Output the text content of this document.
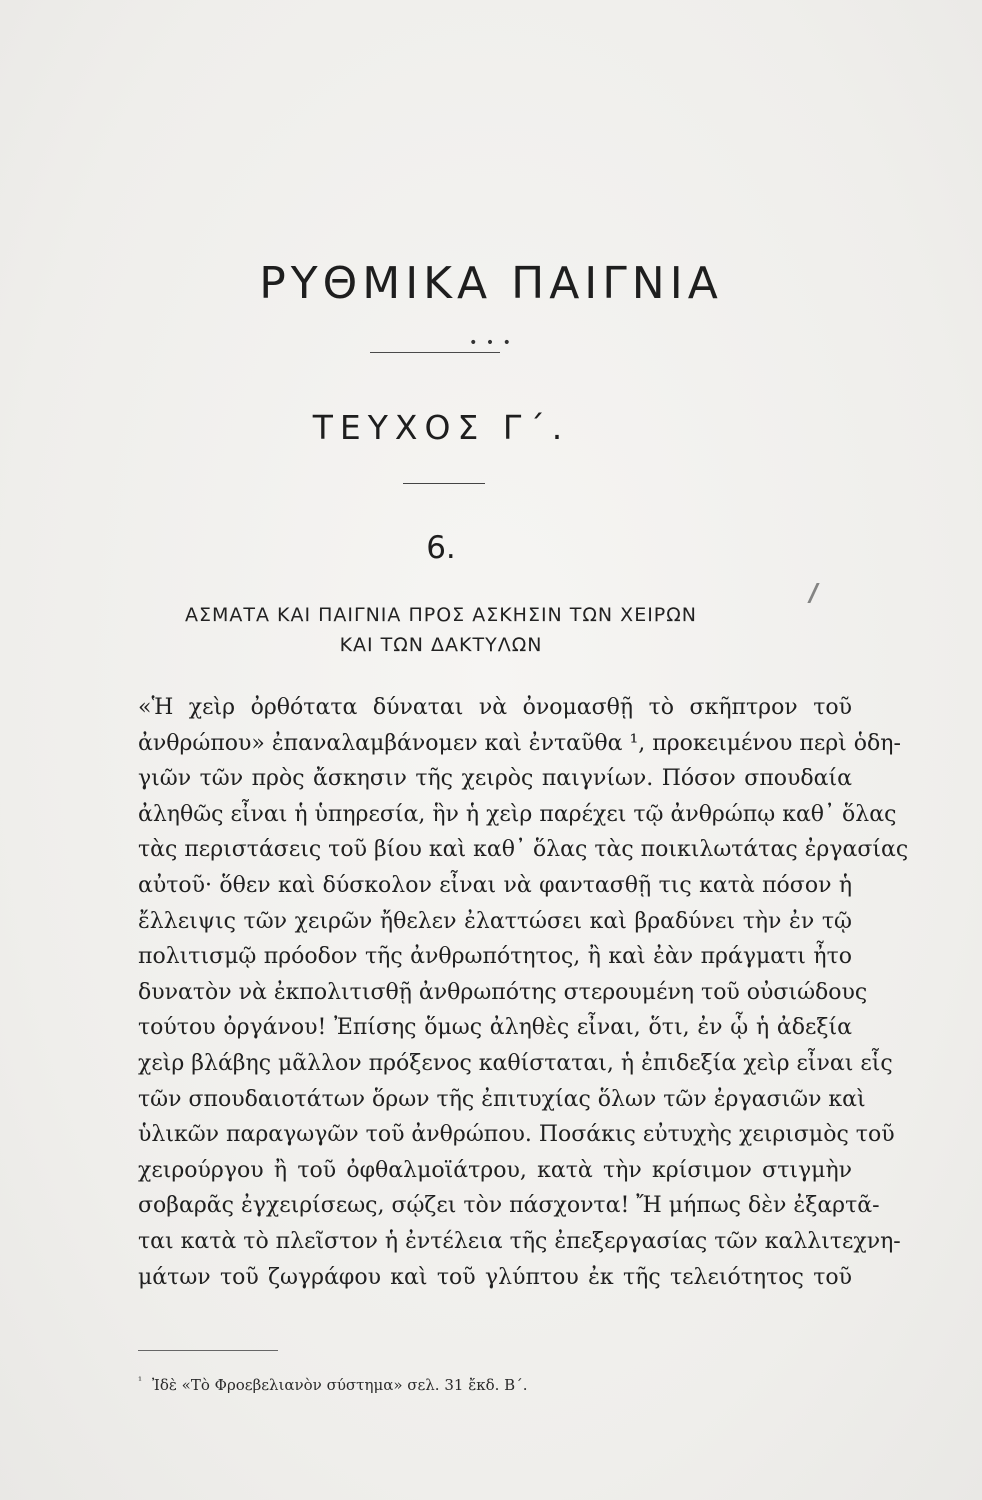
ΡΥΘΜΙΚΑ ΠΑΙΓΝΙΑ
• • •
ΤΕΥΧΟΣ Γ΄.
6.
ΑΣΜΑΤΑ ΚΑΙ ΠΑΙΓΝΙΑ ΠΡΟΣ ΑΣΚΗΣΙΝ ΤΩΝ ΧΕΙΡΩΝ
ΚΑΙ ΤΩΝ ΔΑΚΤΥΛΩΝ
«Ἡ χεὶρ ὀρθότατα δύναται νὰ ὀνομασθῇ τὸ σκῆπτρον τοῦ
ἀνθρώπου» ἐπαναλαμβάνομεν καὶ ἐνταῦθα ¹, προκειμένου περὶ ὁδη-
γιῶν τῶν πρὸς ἄσκησιν τῆς χειρὸς παιγνίων. Πόσον σπουδαία
ἀληθῶς εἶναι ἡ ὑπηρεσία, ἣν ἡ χεὶρ παρέχει τῷ ἀνθρώπῳ καθ᾽ ὅλας
τὰς περιστάσεις τοῦ βίου καὶ καθ᾽ ὅλας τὰς ποικιλωτάτας ἐργασίας
αὐτοῦ· ὅθεν καὶ δύσκολον εἶναι νὰ φαντασθῇ τις κατὰ πόσον ἡ
ἔλλειψις τῶν χειρῶν ἤθελεν ἐλαττώσει καὶ βραδύνει τὴν ἐν τῷ
πολιτισμῷ πρόοδον τῆς ἀνθρωπότητος, ἢ καὶ ἐὰν πράγματι ἦτο
δυνατὸν νὰ ἐκπολιτισθῇ ἀνθρωπότης στερουμένη τοῦ οὐσιώδους
τούτου ὀργάνου! Ἐπίσης ὅμως ἀληθὲς εἶναι, ὅτι, ἐν ᾧ ἡ ἀδεξία
χεὶρ βλάβης μᾶλλον πρόξενος καθίσταται, ἡ ἐπιδεξία χεὶρ εἶναι εἷς
τῶν σπουδαιοτάτων ὅρων τῆς ἐπιτυχίας ὅλων τῶν ἐργασιῶν καὶ
ὑλικῶν παραγωγῶν τοῦ ἀνθρώπου. Ποσάκις εὐτυχὴς χειρισμὸς τοῦ
χειρούργου ἢ τοῦ ὀφθαλμοϊάτρου, κατὰ τὴν κρίσιμον στιγμὴν
σοβαρᾶς ἐγχειρίσεως, σῴζει τὸν πάσχοντα! Ἤ μήπως δὲν ἐξαρτᾶ-
ται κατὰ τὸ πλεῖστον ἡ ἐντέλεια τῆς ἐπεξεργασίας τῶν καλλιτεχνη-
μάτων τοῦ ζωγράφου καὶ τοῦ γλύπτου ἐκ τῆς τελειότητος τοῦ
$^{^1}$ Ἰδὲ «Τὸ Φροεβελιανὸν σύστημα» σελ. 31 ἔκδ. Β΄.
